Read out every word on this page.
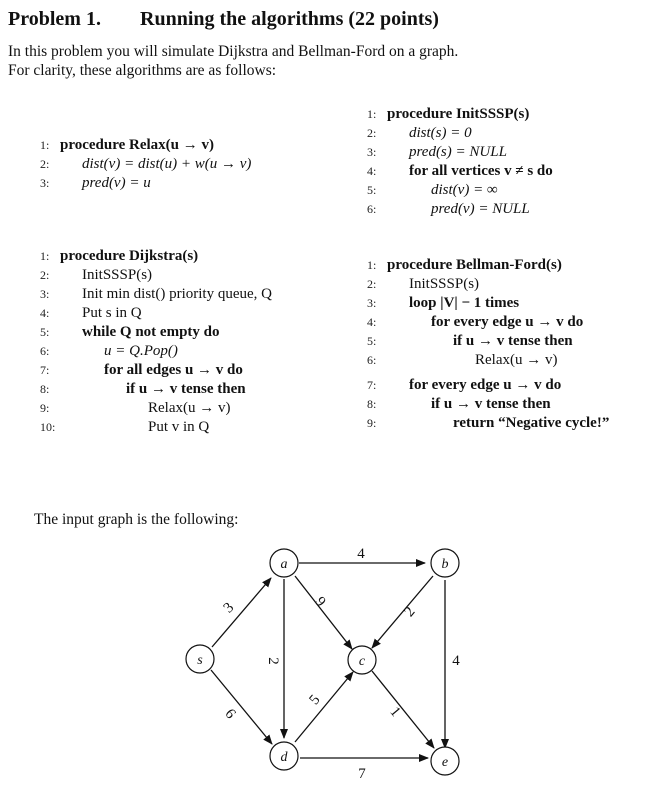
Problem 1. Running the algorithms (22 points)
In this problem you will simulate Dijkstra and Bellman-Ford on a graph.
For clarity, these algorithms are as follows:
1: procedure Relax(u → v)
2:	dist(v) = dist(u) + w(u → v)
3:	pred(v) = u
1: procedure InitSSSP(s)
2:	dist(s) = 0
3:	pred(s) = NULL
4:	for all vertices v ≠ s do
5:	dist(v) = ∞
6:	pred(v) = NULL
1: procedure Dijkstra(s)
2:	InitSSSP(s)
3:	Init min dist() priority queue, Q
4:	Put s in Q
5:	while Q not empty do
6:	u = Q.Pop()
7:	for all edges u → v do
8:	if u → v tense then
9:	Relax(u → v)
10:	Put v in Q
1: procedure Bellman-Ford(s)
2:	InitSSSP(s)
3:	loop |V| − 1 times
4:	for every edge u → v do
5:	if u → v tense then
6:	Relax(u → v)
7:	for every edge u → v do
8:	if u → v tense then
9:	return “Negative cycle!”
The input graph is the following:
a	b
s	c
d	e
4
3	9
2
2	4
5
1
6
7
